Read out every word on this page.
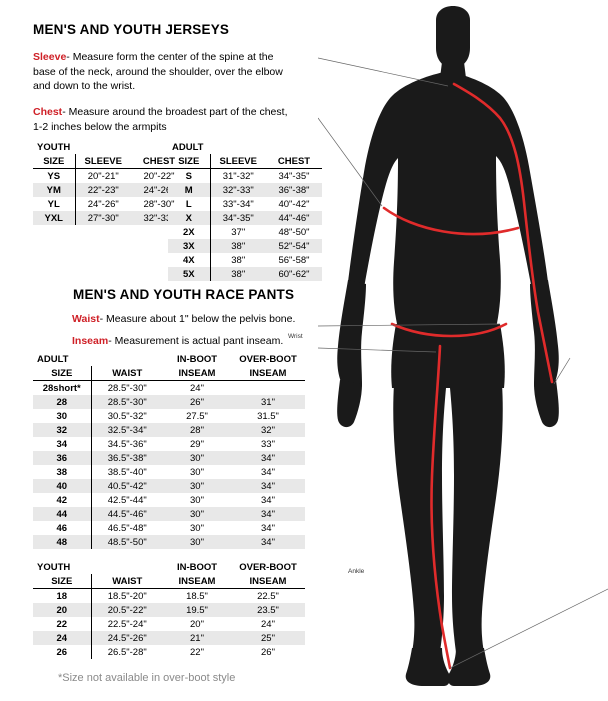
Wrist
Ankle
MEN'S AND YOUTH JERSEYS
Sleeve- Measure form the center of the spine at the base of the neck, around the shoulder, over the elbow and down to the wrist.
Chest- Measure around the broadest part of the chest, 1-2 inches below the armpits
MEN'S AND YOUTH RACE PANTS
Waist- Measure about 1" below the pelvis bone.
Inseam- Measurement is actual pant inseam.
YOUTH		
SIZE	SLEEVE	CHEST
YS	20"-21"	20"-22"
YM	22"-23"	24"-26"
YL	24"-26"	28"-30"
YXL	27"-30"	32"-33"
ADULT		
SIZE	SLEEVE	CHEST
S	31"-32"	34"-35"
M	32"-33"	36"-38"
L	33"-34"	40"-42"
X	34"-35"	44"-46"
2X	37"	48"-50"
3X	38"	52"-54"
4X	38"	56"-58"
5X	38"	60"-62"
ADULT		IN-BOOT	OVER-BOOT
SIZE	WAIST	INSEAM	INSEAM
28short*	28.5"-30"	24"	
28	28.5"-30"	26"	31"
30	30.5"-32"	27.5"	31.5"
32	32.5"-34"	28"	32"
34	34.5"-36"	29"	33"
36	36.5"-38"	30"	34"
38	38.5"-40"	30"	34"
40	40.5"-42"	30"	34"
42	42.5"-44"	30"	34"
44	44.5"-46"	30"	34"
46	46.5"-48"	30"	34"
48	48.5"-50"	30"	34"
YOUTH		IN-BOOT	OVER-BOOT
SIZE	WAIST	INSEAM	INSEAM
18	18.5"-20"	18.5"	22.5"
20	20.5"-22"	19.5"	23.5"
22	22.5"-24"	20"	24"
24	24.5"-26"	21"	25"
26	26.5"-28"	22"	26"
*Size not available in over-boot style
